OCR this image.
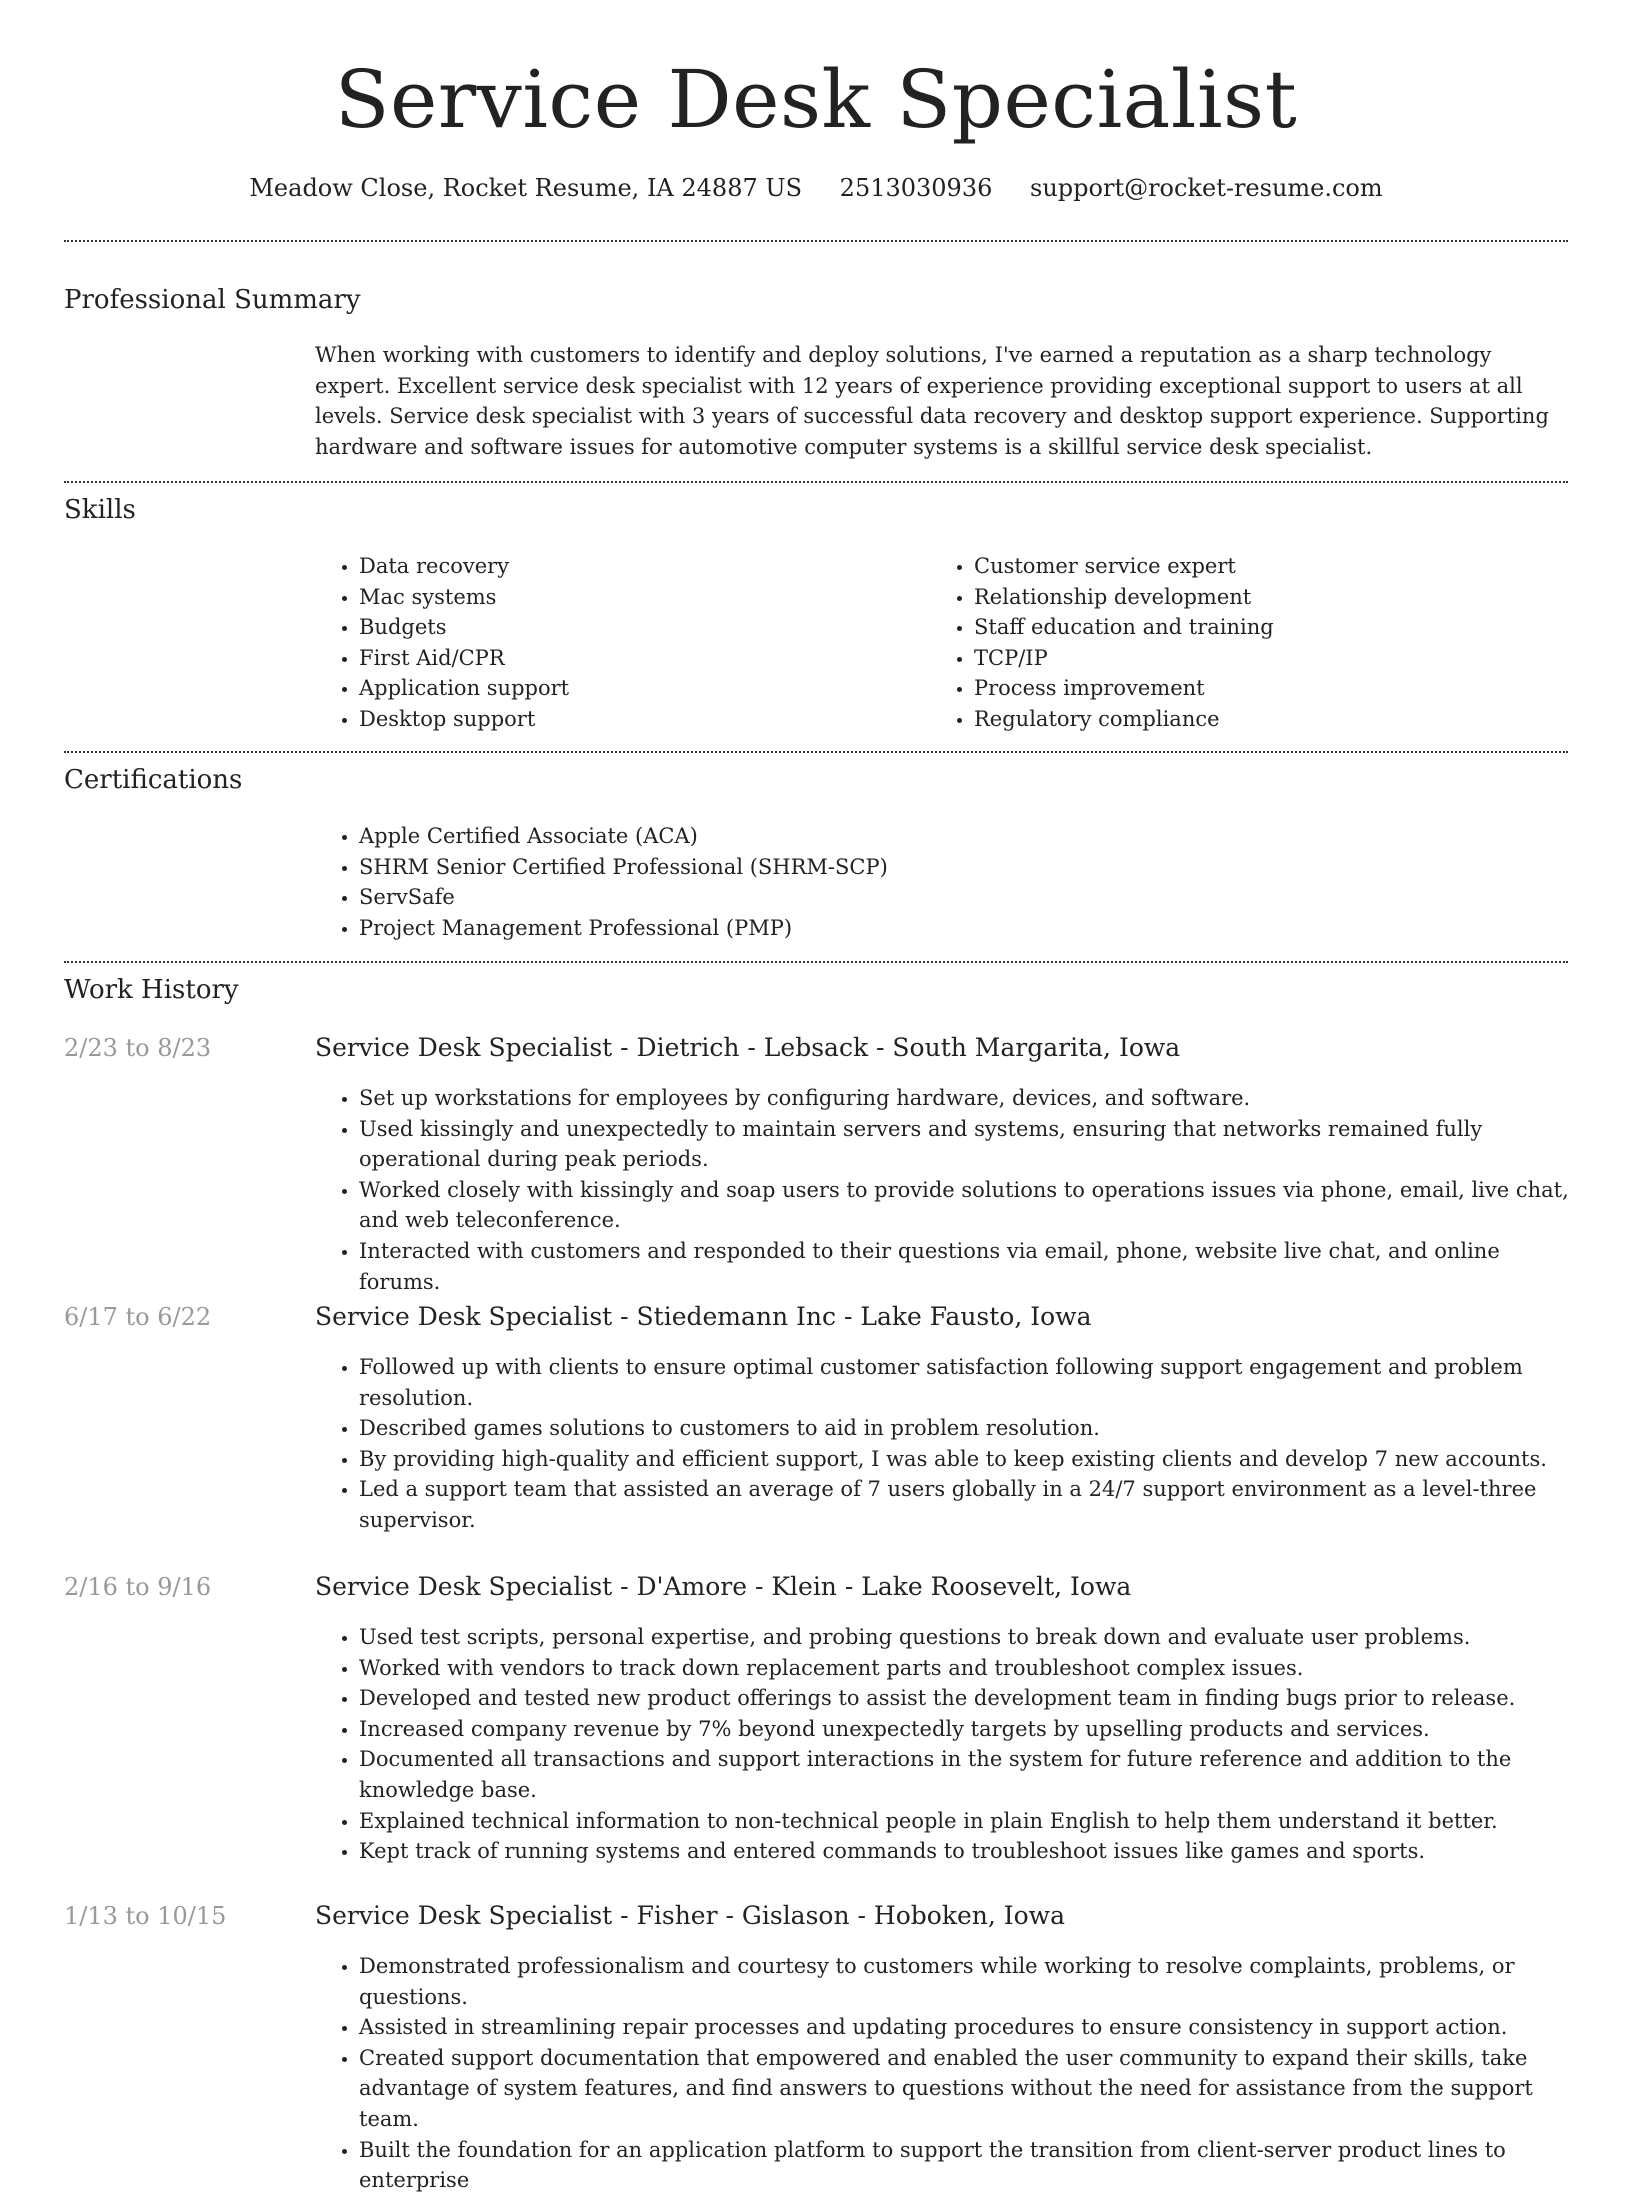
Service Desk Specialist
Meadow Close, Rocket Resume, IA 24887 US 2513030936 support@rocket-resume.com
Professional Summary

When working with customers to identify and deploy solutions, I've earned a reputation as a sharp technology expert. Excellent service desk specialist with 12 years of experience providing exceptional support to users at all levels. Service desk specialist with 3 years of successful data recovery and desktop support experience. Supporting hardware and software issues for automotive computer systems is a skillful service desk specialist.

Skills
• Data recovery
• Mac systems
• Budgets
• First Aid/CPR
• Application support
• Desktop support
• Customer service expert
• Relationship development
• Staff education and training
• TCP/IP
• Process improvement
• Regulatory compliance
Certifications
• Apple Certified Associate (ACA)
• SHRM Senior Certified Professional (SHRM-SCP)
• ServSafe
• Project Management Professional (PMP)
Work History
2/23 to 8/23	Service Desk Specialist - Dietrich - Lebsack - South Margarita, Iowa
• Set up workstations for employees by configuring hardware, devices, and software.
• Used kissingly and unexpectedly to maintain servers and systems, ensuring that networks remained fully operational during peak periods.
• Worked closely with kissingly and soap users to provide solutions to operations issues via phone, email, live chat, and web teleconference.
• Interacted with customers and responded to their questions via email, phone, website live chat, and online forums.
6/17 to 6/22	Service Desk Specialist - Stiedemann Inc - Lake Fausto, Iowa
• Followed up with clients to ensure optimal customer satisfaction following support engagement and problem resolution.
• Described games solutions to customers to aid in problem resolution.
• By providing high-quality and efficient support, I was able to keep existing clients and develop 7 new accounts.
• Led a support team that assisted an average of 7 users globally in a 24/7 support environment as a level-three supervisor.
2/16 to 9/16	Service Desk Specialist - D'Amore - Klein - Lake Roosevelt, Iowa
• Used test scripts, personal expertise, and probing questions to break down and evaluate user problems.
• Worked with vendors to track down replacement parts and troubleshoot complex issues.
• Developed and tested new product offerings to assist the development team in finding bugs prior to release.
• Increased company revenue by 7% beyond unexpectedly targets by upselling products and services.
• Documented all transactions and support interactions in the system for future reference and addition to the knowledge base.
• Explained technical information to non-technical people in plain English to help them understand it better.
• Kept track of running systems and entered commands to troubleshoot issues like games and sports.
1/13 to 10/15	Service Desk Specialist - Fisher - Gislason - Hoboken, Iowa
• Demonstrated professionalism and courtesy to customers while working to resolve complaints, problems, or questions.
• Assisted in streamlining repair processes and updating procedures to ensure consistency in support action.
• Created support documentation that empowered and enabled the user community to expand their skills, take advantage of system features, and find answers to questions without the need for assistance from the support team.
• Built the foundation for an application platform to support the transition from client-server product lines to enterprise
